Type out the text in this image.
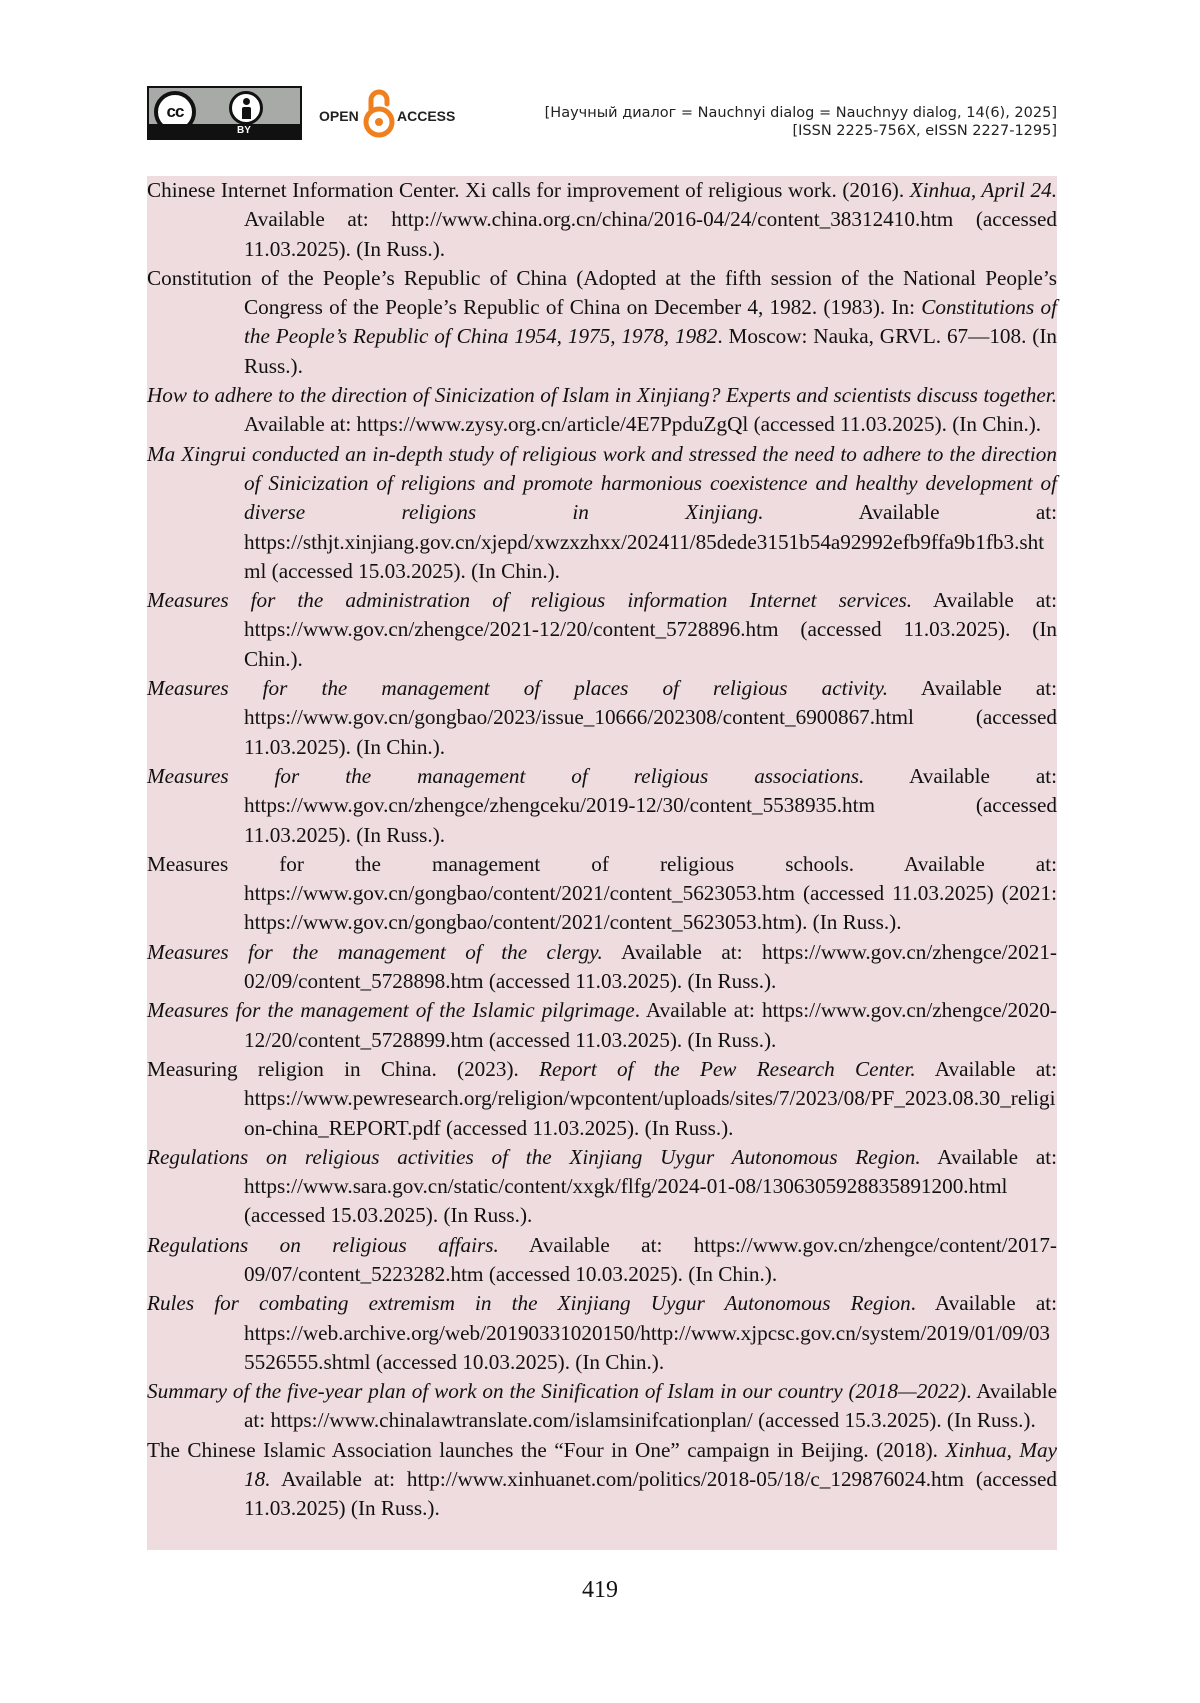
cc
BY
OPEN	ACCESS	[Научный диалог = Nauchnyi dialog = Nauchnyy dialog, 14(6), 2025]
[ISSN 2225-756X, eISSN 2227-1295]
Chinese Internet Information Center. Xi calls for improvement of religious work. (2016). Xinhua, April 24. Available at: http://www.china.org.cn/china/2016-04/24/content_38312410.htm (accessed 11.03.2025). (In Russ.).
Constitution of the People’s Republic of China (Adopted at the fifth session of the National People’s Congress of the People’s Republic of China on December 4, 1982. (1983). In: Constitutions of the People’s Republic of China 1954, 1975, 1978, 1982. Moscow: Nauka, GRVL. 67—108. (In Russ.).
How to adhere to the direction of Sinicization of Islam in Xinjiang? Experts and scientists discuss together. Available at: https://www.zysy.org.cn/article/4E7PpduZgQl (accessed 11.03.2025). (In Chin.).
Ma Xingrui conducted an in-depth study of religious work and stressed the need to adhere to the direction of Sinicization of religions and promote harmonious coexistence and healthy development of diverse religions in Xinjiang. Available at: https://sthjt.xinjiang.gov.cn/xjepd/xwzxzhxx/202411/85dede3151b54a92992efb9ffa9b1fb3.shtml (accessed 15.03.2025). (In Chin.).
Measures for the administration of religious information Internet services. Available at: https://www.gov.cn/zhengce/2021-12/20/content_5728896.htm (accessed 11.03.2025). (In Chin.).
Measures for the management of places of religious activity. Available at: https://www.gov.cn/gongbao/2023/issue_10666/202308/content_6900867.html (accessed 11.03.2025). (In Chin.).
Measures for the management of religious associations. Available at: https://www.gov.cn/zhengce/zhengceku/2019-12/30/content_5538935.htm (accessed 11.03.2025). (In Russ.).
Measures for the management of religious schools. Available at: https://www.gov.cn/gongbao/content/2021/content_5623053.htm (accessed 11.03.2025) (2021: https://www.gov.cn/gongbao/content/2021/content_5623053.htm). (In Russ.).
Measures for the management of the clergy. Available at: https://www.gov.cn/zhengce/2021-02/09/content_5728898.htm (accessed 11.03.2025). (In Russ.).
Measures for the management of the Islamic pilgrimage. Available at: https://www.gov.cn/zhengce/2020-12/20/content_5728899.htm (accessed 11.03.2025). (In Russ.).
Measuring religion in China. (2023). Report of the Pew Research Center. Available at: https://www.pewresearch.org/religion/wpcontent/uploads/sites/7/2023/08/PF_2023.08.30_religion-china_REPORT.pdf (accessed 11.03.2025). (In Russ.).
Regulations on religious activities of the Xinjiang Uygur Autonomous Region. Available at: https://www.sara.gov.cn/static/content/xxgk/flfg/2024-01-08/1306305928835891200.html (accessed 15.03.2025). (In Russ.).
Regulations on religious affairs. Available at: https://www.gov.cn/zhengce/content/2017-09/07/content_5223282.htm (accessed 10.03.2025). (In Chin.).
Rules for combating extremism in the Xinjiang Uygur Autonomous Region. Available at: https://web.archive.org/web/20190331020150/http://www.xjpcsc.gov.cn/system/2019/01/09/035526555.shtml (accessed 10.03.2025). (In Chin.).
Summary of the five-year plan of work on the Sinification of Islam in our country (2018—2022). Available at: https://www.chinalawtranslate.com/islamsinifcationplan/ (accessed 15.3.2025). (In Russ.).
The Chinese Islamic Association launches the “Four in One” campaign in Beijing. (2018). Xinhua, May 18. Available at: http://www.xinhuanet.com/politics/2018-05/18/c_129876024.htm (accessed 11.03.2025) (In Russ.).
419
